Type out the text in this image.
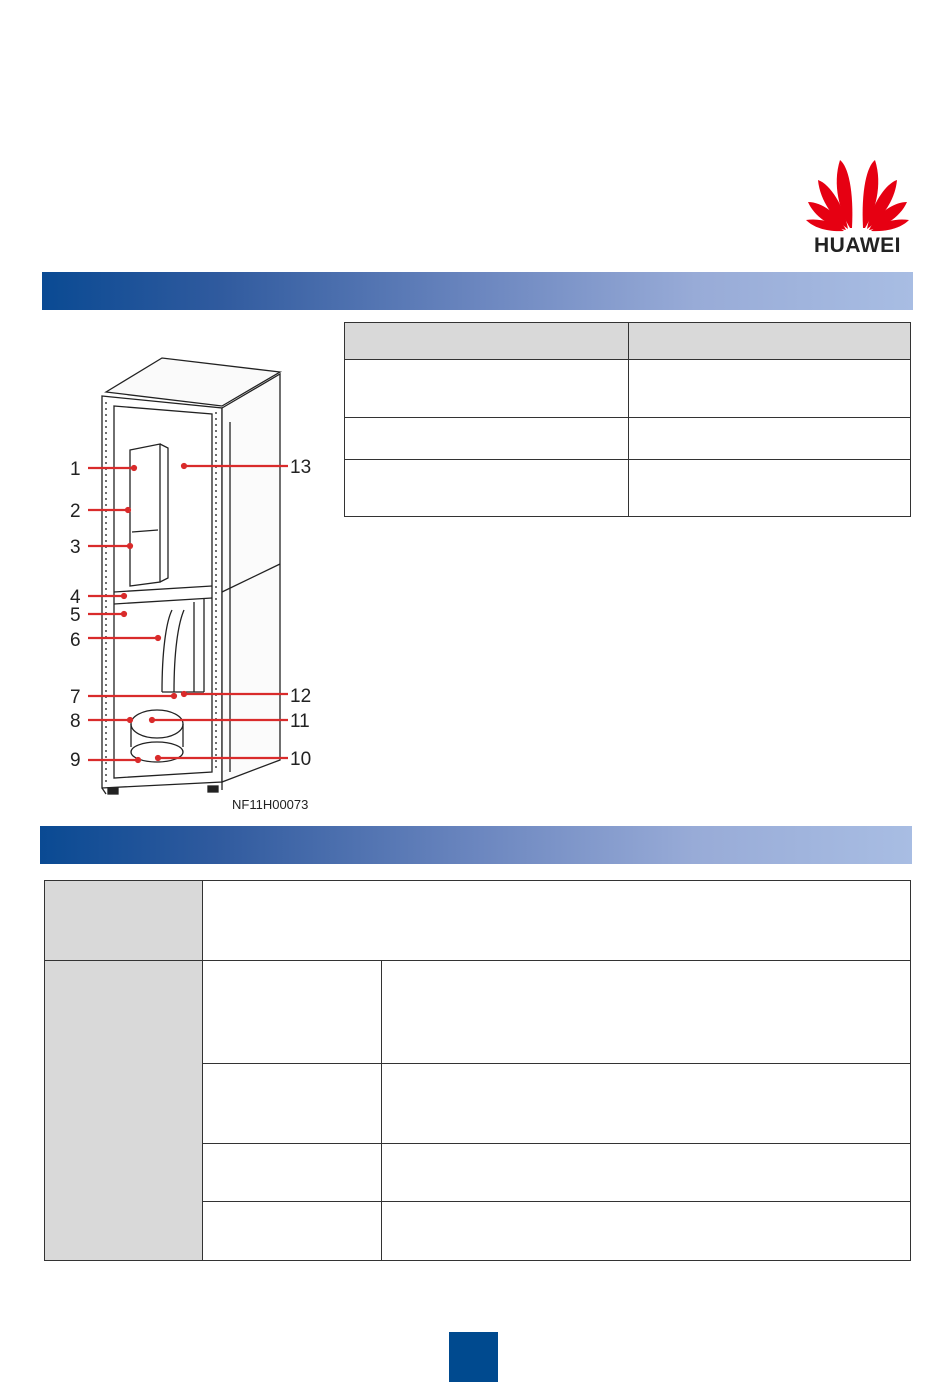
HUAWEI
1
2
3
4
5
6
7
8
9	10
11
12
13
NF11H00073
